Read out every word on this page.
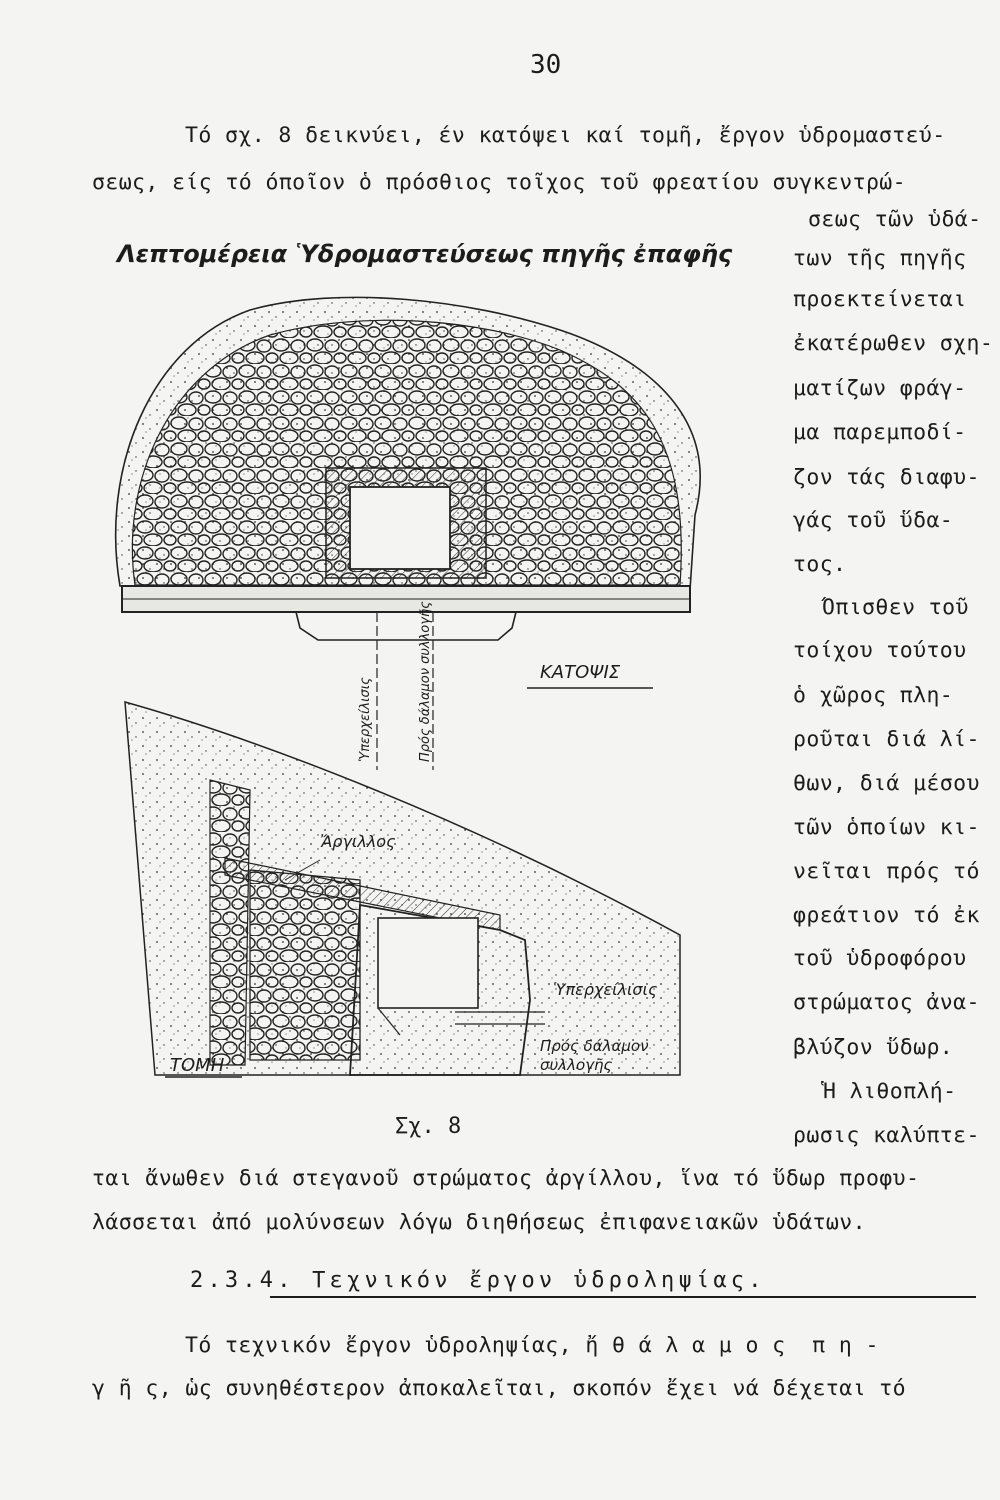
30
Τό σχ. 8 δεικνύει, έν κατόψει καί τομῆ, ἔργον ὑδρομαστεύ-
σεως, είς τό όποῖον ὁ πρόσθιος τοῖχος τοῦ φρεατίου συγκεντρώ-
σεως τῶν ὑδά-
των τῆς πηγῆς
προεκτείνεται
ἐκατέρωθεν σχη-
ματίζων φράγ-
μα παρεμποδί-
ζον τάς διαφυ-
γάς τοῦ ὕδα-
τος.
Όπισθεν τοῦ
τοίχου τούτου
ὁ χῶρος πλη-
ροῦται διά λί-
θων, διά μέσου
τῶν ὁποίων κι-
νεῖται πρός τό
φρεάτιον τό ἐκ
τοῦ ὑδροφόρου
στρώματος ἀνα-
βλύζον ὕδωρ.
Ἡ λιθοπλή-
ρωσις καλύπτε-
ται ἄνωθεν διά στεγανοῦ στρώματος ἀργίλλου, ἵνα τό ὕδωρ προφυ-
λάσσεται ἀπό μολύνσεων λόγω διηθήσεως ἐπιφανειακῶν ὑδάτων.
Τό τεχνικόν ἔργον ὑδροληψίας, ἤ θ ά λ α μ ο ς  π η -
γ ῆ ς, ὡς συνηθέστερον ἀποκαλεῖται, σκοπόν ἔχει νά δέχεται τό
Λεπτομέρεια Ὑδρομαστεύσεως πηγῆς ἐπαφῆς
ΚΑΤΟΨΙΣ
Ὑπερχείλισις	Πρός δάλαμον συλλογῆς
Ἄργιλλος
Ὑπερχείλισις
Πρός δάλαμον συλλογῆς
ΤΟΜΗ
Σχ. 8
2.3.4. Τεχνικόν ἔργον ὑδροληψίας.
